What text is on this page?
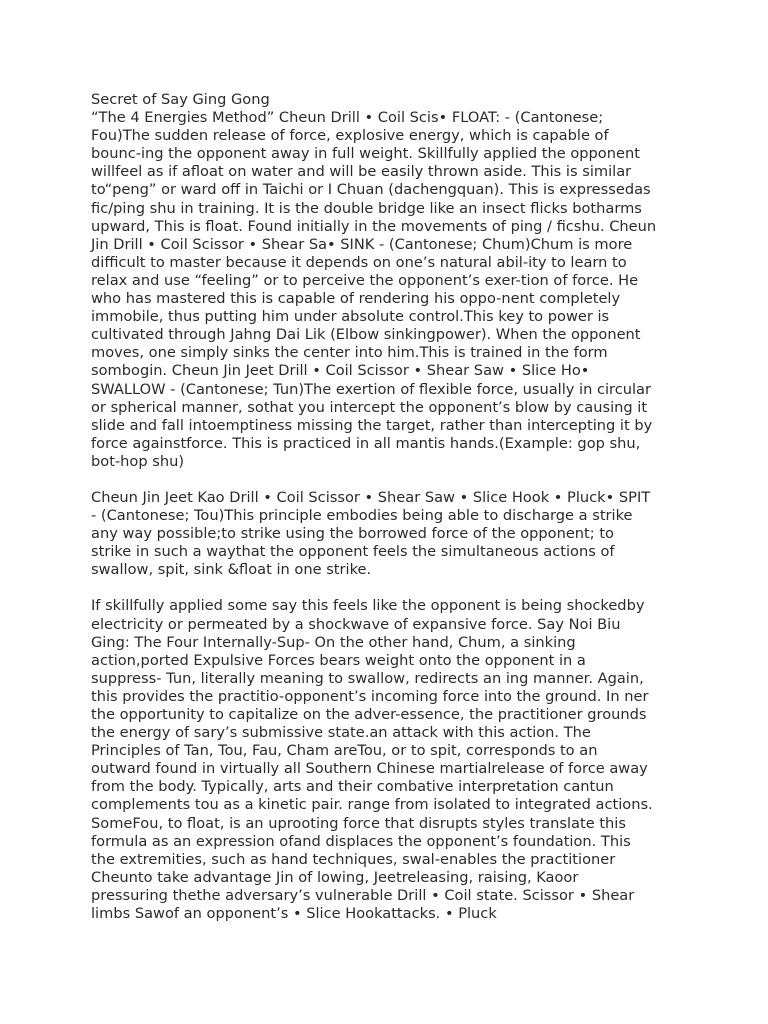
Secret of Say Ging Gong

“The 4 Energies Method” Cheun Drill • Coil Scis• FLOAT: - (Cantonese;
Fou)The sudden release of force, explosive energy, which is capable of
bounc-ing the opponent away in full weight. Skillfully applied the opponent
willfeel as if afloat on water and will be easily thrown aside. This is similar
to“peng” or ward off in Taichi or I Chuan (dachengquan). This is expressedas
fic/ping shu in training. It is the double bridge like an insect flicks botharms
upward, This is float. Found initially in the movements of ping / ficshu. Cheun
Jin Drill • Coil Scissor • Shear Sa• SINK - (Cantonese; Chum)Chum is more
difficult to master because it depends on one’s natural abil-ity to learn to
relax and use “feeling” or to perceive the opponent’s exer-tion of force. He
who has mastered this is capable of rendering his oppo-nent completely
immobile, thus putting him under absolute control.This key to power is
cultivated through Jahng Dai Lik (Elbow sinkingpower). When the opponent
moves, one simply sinks the center into him.This is trained in the form
sombogin. Cheun Jin Jeet Drill • Coil Scissor • Shear Saw • Slice Ho•
SWALLOW - (Cantonese; Tun)The exertion of flexible force, usually in circular
or spherical manner, sothat you intercept the opponent’s blow by causing it
slide and fall intoemptiness missing the target, rather than intercepting it by
force againstforce. This is practiced in all mantis hands.(Example: gop shu,
bot-hop shu)

Cheun Jin Jeet Kao Drill • Coil Scissor • Shear Saw • Slice Hook • Pluck• SPIT
- (Cantonese; Tou)This principle embodies being able to discharge a strike
any way possible;to strike using the borrowed force of the opponent; to
strike in such a waythat the opponent feels the simultaneous actions of
swallow, spit, sink &float in one strike.

If skillfully applied some say this feels like the opponent is being shockedby
electricity or permeated by a shockwave of expansive force. Say Noi Biu
Ging: The Four Internally-Sup- On the other hand, Chum, a sinking
action,ported Expulsive Forces bears weight onto the opponent in a
suppress- Tun, literally meaning to swallow, redirects an ing manner. Again,
this provides the practitio-opponent’s incoming force into the ground. In ner
the opportunity to capitalize on the adver-essence, the practitioner grounds
the energy of sary’s submissive state.an attack with this action. The
Principles of Tan, Tou, Fau, Cham areTou, or to spit, corresponds to an
outward found in virtually all Southern Chinese martialrelease of force away
from the body. Typically, arts and their combative interpretation cantun
complements tou as a kinetic pair. range from isolated to integrated actions.
SomeFou, to float, is an uprooting force that disrupts styles translate this
formula as an expression ofand displaces the opponent’s foundation. This
the extremities, such as hand techniques, swal-enables the practitioner
Cheunto take advantage Jin of lowing, Jeetreleasing, raising, Kaoor
pressuring thethe adversary’s vulnerable Drill • Coil state. Scissor • Shear
limbs Sawof an opponent’s • Slice Hookattacks. • Pluck
